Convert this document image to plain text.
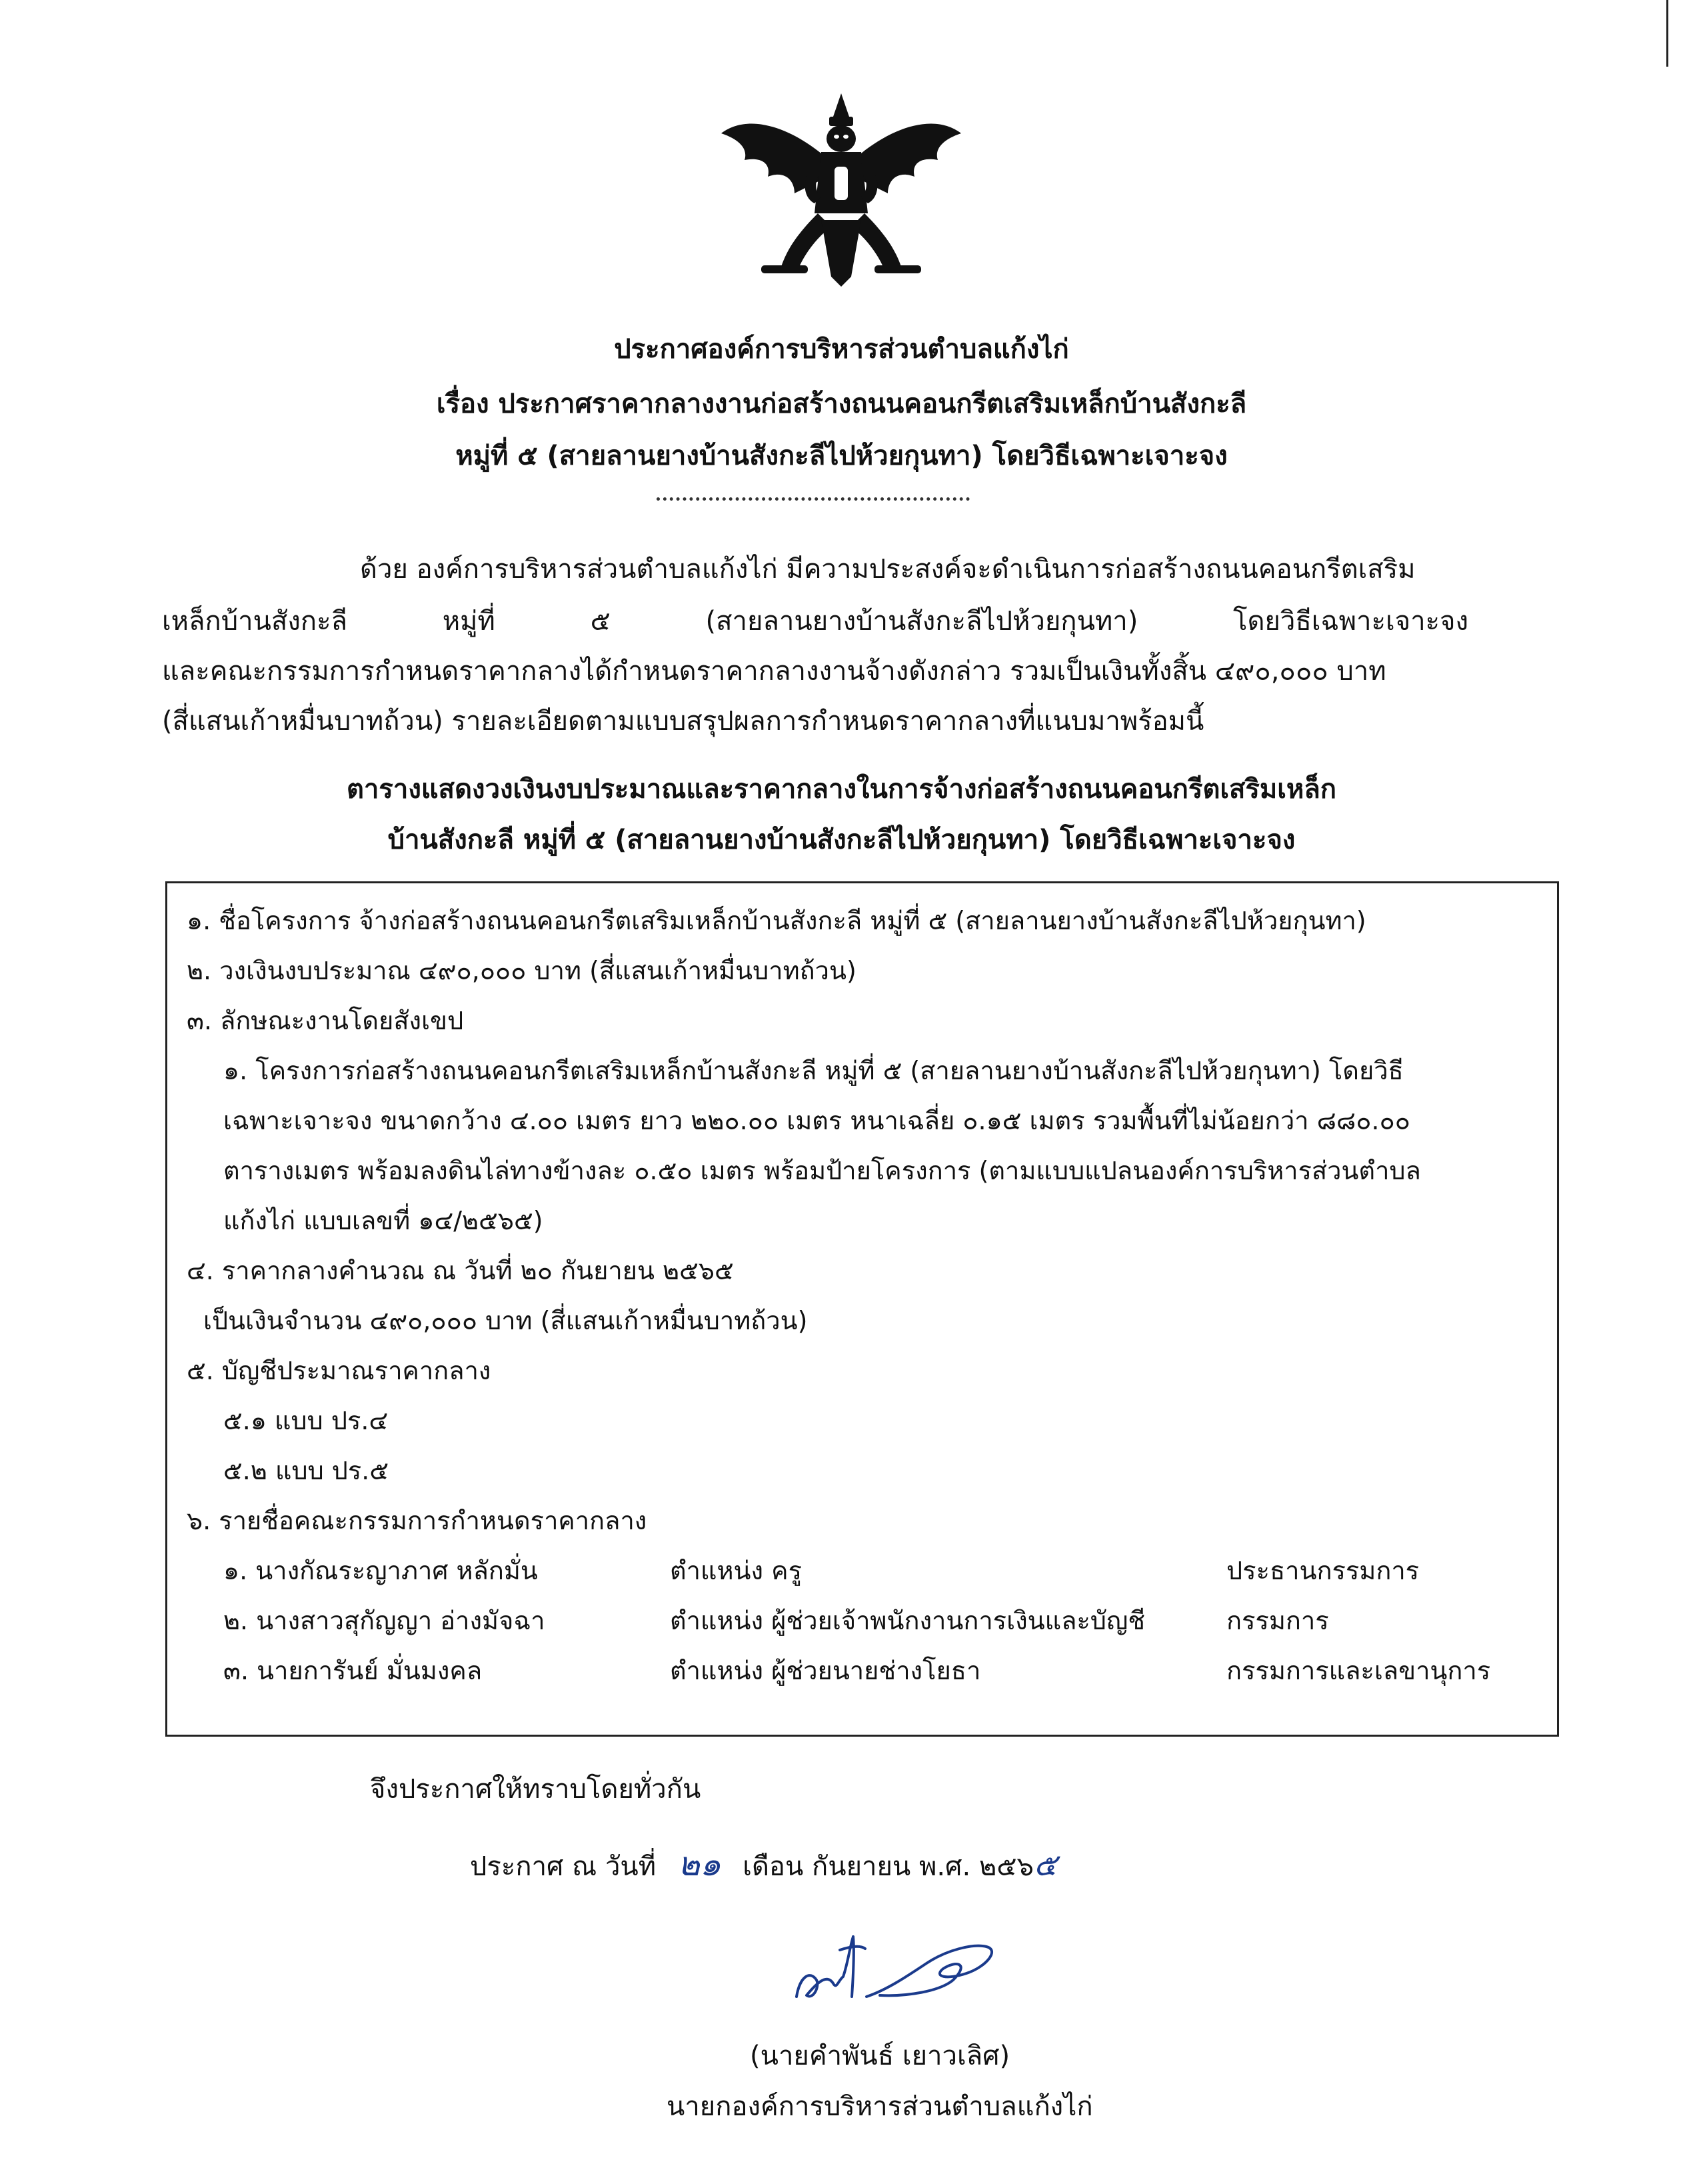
ประกาศองค์การบริหารส่วนตำบลแก้งไก่
เรื่อง ประกาศราคากลางงานก่อสร้างถนนคอนกรีตเสริมเหล็กบ้านสังกะลี
หมู่ที่ ๕ (สายลานยางบ้านสังกะลีไปห้วยกุนทา) โดยวิธีเฉพาะเจาะจง
ด้วย องค์การบริหารส่วนตำบลแก้งไก่ มีความประสงค์จะดำเนินการก่อสร้างถนนคอนกรีตเสริม
เหล็กบ้านสังกะลี หมู่ที่ ๕ (สายลานยางบ้านสังกะลีไปห้วยกุนทา) โดยวิธีเฉพาะเจาะจง
และคณะกรรมการกำหนดราคากลางได้กำหนดราคากลางงานจ้างดังกล่าว รวมเป็นเงินทั้งสิ้น ๔๙๐,๐๐๐ บาท
(สี่แสนเก้าหมื่นบาทถ้วน) รายละเอียดตามแบบสรุปผลการกำหนดราคากลางที่แนบมาพร้อมนี้
ตารางแสดงวงเงินงบประมาณและราคากลางในการจ้างก่อสร้างถนนคอนกรีตเสริมเหล็ก
บ้านสังกะลี หมู่ที่ ๕ (สายลานยางบ้านสังกะลีไปห้วยกุนทา) โดยวิธีเฉพาะเจาะจง
๑. ชื่อโครงการ จ้างก่อสร้างถนนคอนกรีตเสริมเหล็กบ้านสังกะลี หมู่ที่ ๕ (สายลานยางบ้านสังกะลีไปห้วยกุนทา)
๒. วงเงินงบประมาณ ๔๙๐,๐๐๐ บาท (สี่แสนเก้าหมื่นบาทถ้วน)
๓. ลักษณะงานโดยสังเขป
๑. โครงการก่อสร้างถนนคอนกรีตเสริมเหล็กบ้านสังกะลี หมู่ที่ ๕ (สายลานยางบ้านสังกะลีไปห้วยกุนทา) โดยวิธี
เฉพาะเจาะจง ขนาดกว้าง ๔.๐๐ เมตร ยาว ๒๒๐.๐๐ เมตร หนาเฉลี่ย ๐.๑๕ เมตร รวมพื้นที่ไม่น้อยกว่า ๘๘๐.๐๐
ตารางเมตร พร้อมลงดินไล่ทางข้างละ ๐.๕๐ เมตร พร้อมป้ายโครงการ (ตามแบบแปลนองค์การบริหารส่วนตำบล
แก้งไก่ แบบเลขที่ ๑๔/๒๕๖๕)
๔. ราคากลางคำนวณ ณ วันที่ ๒๐ กันยายน ๒๕๖๕
เป็นเงินจำนวน ๔๙๐,๐๐๐ บาท (สี่แสนเก้าหมื่นบาทถ้วน)
๕. บัญชีประมาณราคากลาง
๕.๑ แบบ ปร.๔
๕.๒ แบบ ปร.๕
๖. รายชื่อคณะกรรมการกำหนดราคากลาง
๑. นางกัณระญาภาศ หลักมั่น	ตำแหน่ง ครู	ประธานกรรมการ
๒. นางสาวสุกัญญา อ่างมัจฉา	ตำแหน่ง ผู้ช่วยเจ้าพนักงานการเงินและบัญชี	กรรมการ
๓. นายการันย์ มั่นมงคล	ตำแหน่ง ผู้ช่วยนายช่างโยธา	กรรมการและเลขานุการ
จึงประกาศให้ทราบโดยทั่วกัน
ประกาศ ณ วันที่ ๒๑ เดือน กันยายน พ.ศ. ๒๕๖๕
(นายคำพันธ์ เยาวเลิศ)
นายกองค์การบริหารส่วนตำบลแก้งไก่
